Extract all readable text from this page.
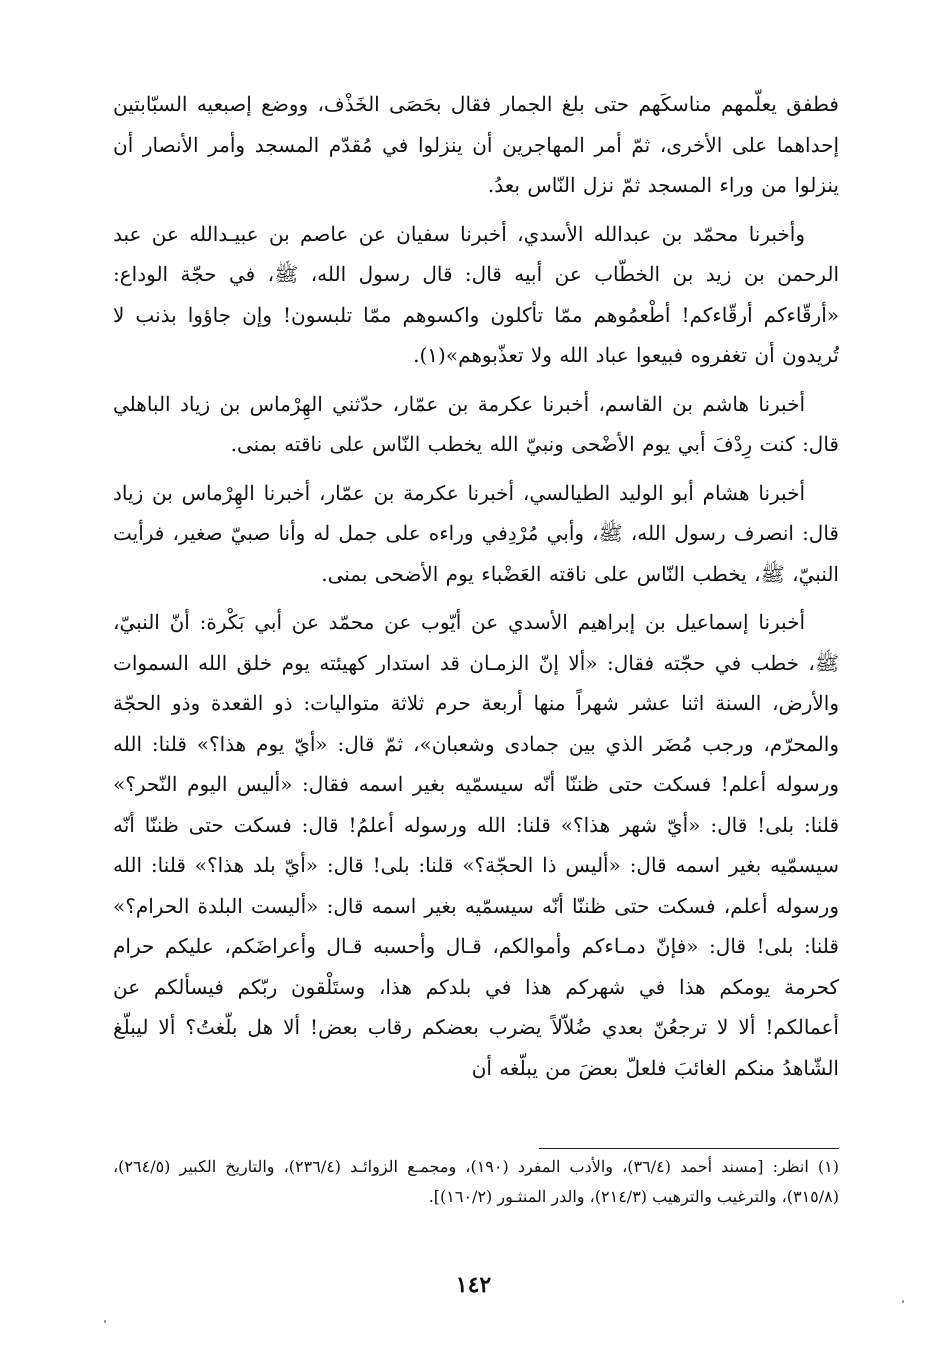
فطفق يعلّمهم مناسكَهم حتى بلغ الجمار فقال بحَصَى الخَذْف، ووضع إصبعيه السبّابتين إحداهما على الأخرى، ثمّ أمر المهاجرين أن ينزلوا في مُقدّم المسجد وأمر الأنصار أن ينزلوا من وراء المسجد ثمّ نزل النّاس بعدُ.

وأخبرنا محمّد بن عبدالله الأسدي، أخبرنا سفيان عن عاصم بن عبيـدالله عن عبد الرحمن بن زيد بن الخطّاب عن أبيه قال: قال رسول الله، ﷺ، في حجّة الوداع: «أرقّاءكم أرقّاءكم! أطْعمُوهم ممّا تأكلون واكسوهم ممّا تلبسون! وإن جاؤوا بذنب لا تُريدون أن تغفروه فبيعوا عباد الله ولا تعذّبوهم»(١).

أخبرنا هاشم بن القاسم، أخبرنا عكرمة بن عمّار، حدّثني الهِرْماس بن زياد الباهلي قال: كنت رِدْفَ أبي يوم الأضْحى ونبيّ الله يخطب النّاس على ناقته بمنى.

أخبرنا هشام أبو الوليد الطيالسي، أخبرنا عكرمة بن عمّار، أخبرنا الهِرْماس بن زياد قال: انصرف رسول الله، ﷺ، وأبي مُرْدِفي وراءه على جمل له وأنا صبيّ صغير، فرأيت النبيّ، ﷺ، يخطب النّاس على ناقته العَضْباء يوم الأضحى بمنى.

أخبرنا إسماعيل بن إبراهيم الأسدي عن أيّوب عن محمّد عن أبي بَكْرة: أنّ النبيّ، ﷺ، خطب في حجّته فقال: «ألا إنّ الزمـان قد استدار كهيئته يوم خلق الله السموات والأرض، السنة اثنا عشر شهراً منها أربعة حرم ثلاثة متواليات: ذو القعدة وذو الحجّة والمحرّم، ورجب مُضَر الذي بين جمادى وشعبان»، ثمّ قال: «أيّ يوم هذا؟» قلنا: الله ورسوله أعلم! فسكت حتى ظننّا أنّه سيسمّيه بغير اسمه فقال: «أليس اليوم النّحر؟» قلنا: بلى! قال: «أيّ شهر هذا؟» قلنا: الله ورسوله أعلمُ! قال: فسكت حتى ظننّا أنّه سيسمّيه بغير اسمه قال: «أليس ذا الحجّة؟» قلنا: بلى! قال: «أيّ بلد هذا؟» قلنا: الله ورسوله أعلم، فسكت حتى ظننّا أنّه سيسمّيه بغير اسمه قال: «أليست البلدة الحرام؟» قلنا: بلى! قال: «فإنّ دمـاءكم وأموالكم، قـال وأحسبه قـال وأعراضَكم، عليكم حرام كحرمة يومكم هذا في شهركم هذا في بلدكم هذا، وستَلْقون ربّكم فيسألكم عن أعمالكم! ألا لا ترجعُنّ بعدي ضُلاّلاً يضرب بعضكم رقاب بعض! ألا هل بلّغتُ؟ ألا ليبلّغ الشّاهدُ منكم الغائبَ فلعلّ بعضَ من يبلّغه أن

(١) انظر: [مسند أحمد (٣٦/٤)، والأدب المفرد (١٩٠)، ومجمـع الزوائـد (٢٣٦/٤)، والتاريخ الكبير (٢٦٤/٥)، (٣١٥/٨)، والترغيب والترهيب (٢١٤/٣)، والدر المنثـور (١٦٠/٢)].

١٤٢
